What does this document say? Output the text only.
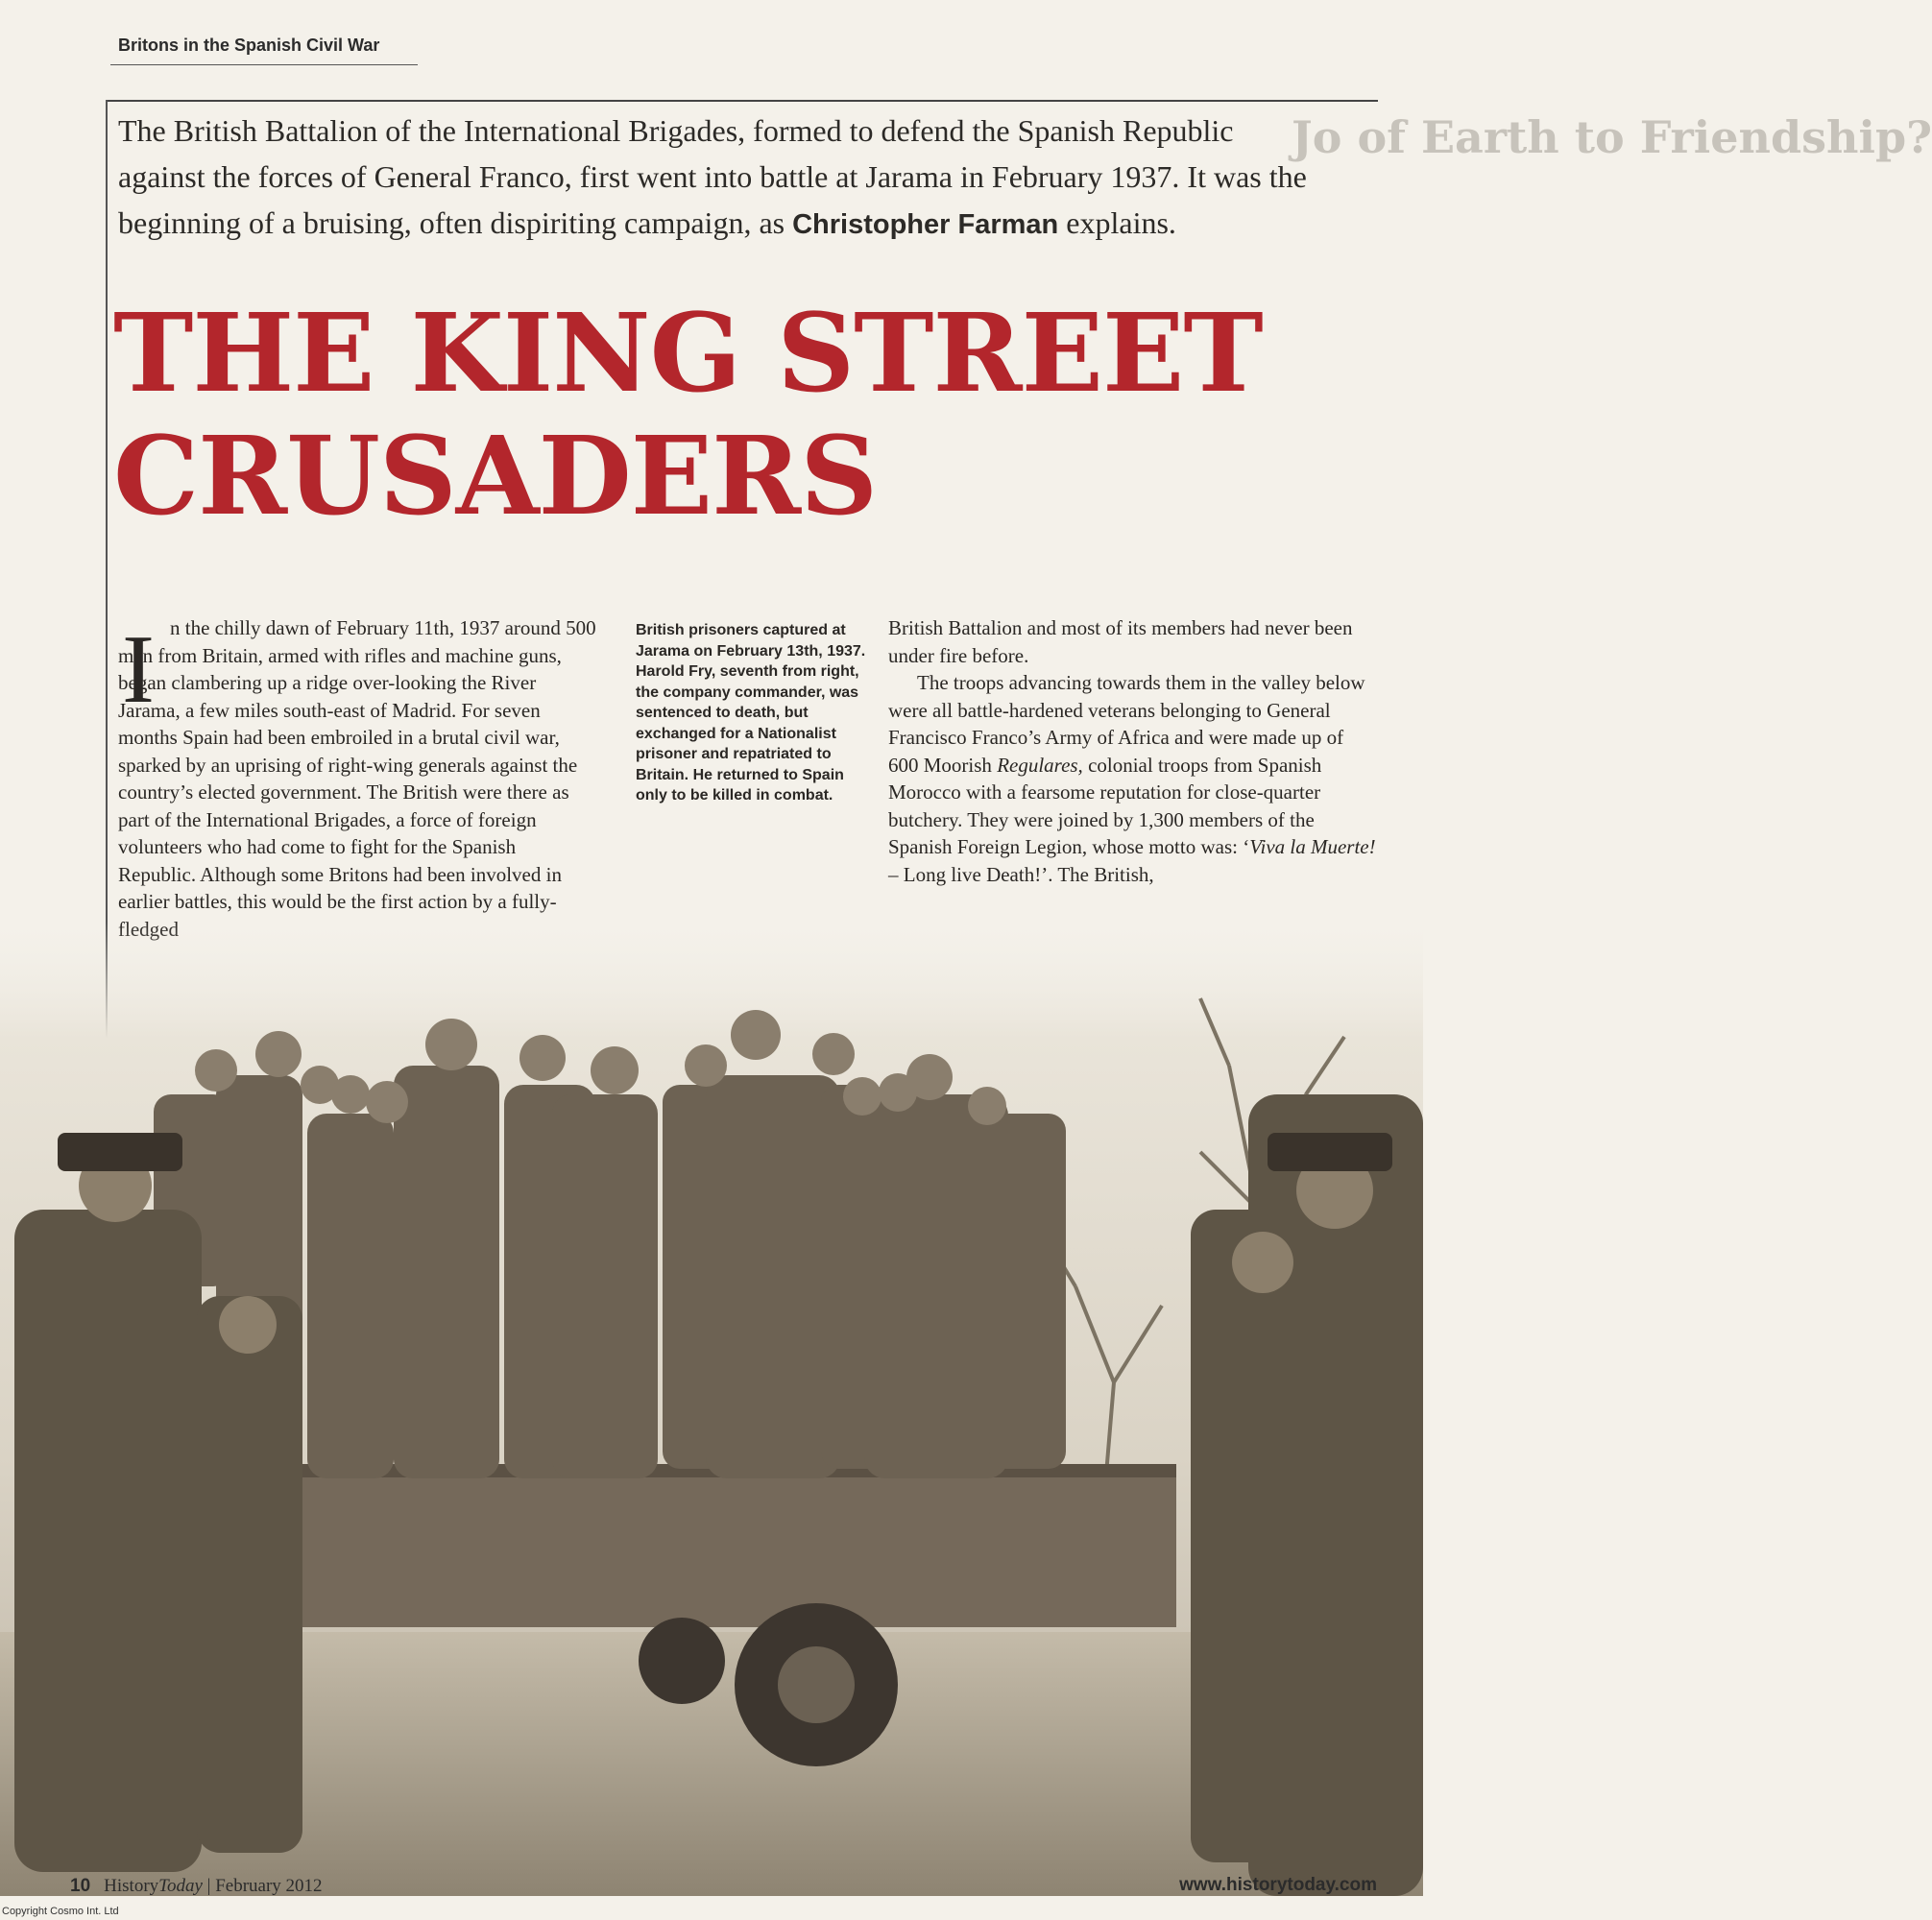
Britons in the Spanish Civil War
Jo of Earth to Friendship?
The British Battalion of the International Brigades, formed to defend the Spanish Republic against the forces of General Franco, first went into battle at Jarama in February 1937. It was the beginning of a bruising, often dispiriting campaign, as Christopher Farman explains.
THE KING STREET
CRUSADERS
I n the chilly dawn of February 11th, 1937 around 500 men from Britain, armed with rifles and machine guns, began clambering up a ridge over-looking the River Jarama, a few miles south-east of Madrid. For seven months Spain had been embroiled in a brutal civil war, sparked by an uprising of right-wing generals against the country’s elected government. The British were there as part of the International Brigades, a force of foreign volunteers who had come to fight for the Spanish Republic. Although some Britons had been involved in earlier battles, this would be the first action by a fully-
British prisoners captured at Jarama on February 13th, 1937. Harold Fry, seventh from right, the company commander, was sentenced to death, but exchanged for a Nationalist prisoner and repatriated to Britain. He returned to Spain only to be killed in combat.

British Battalion and most of its members had never been under fire before.

The troops advancing towards them in the valley below were all battle-hardened veterans belonging to General Francisco Franco’s Army of Africa and were made up of 600 Moorish Regulares, colonial troops from Spanish Morocco with a fearsome reputation for close-quarter butchery. They were joined by 1,300 members of the Spanish Foreign Legion, whose motto was: ‘Viva la Muerte! – Long live Death!’. The British,

10 HistoryToday | February 2012	www.historytoday.com
Copyright Cosmo Int. Ltd
